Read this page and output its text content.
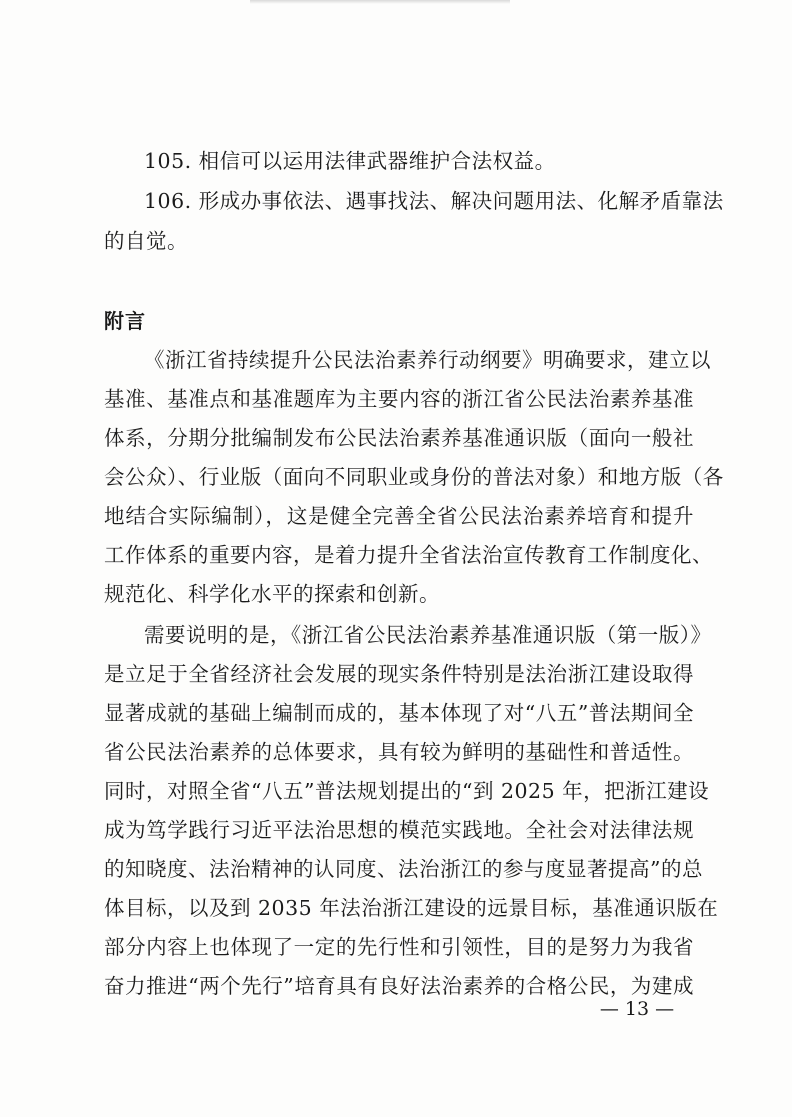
105. 相信可以运用法律武器维护合法权益。
106. 形成办事依法、遇事找法、解决问题用法、化解矛盾靠法
的自觉。
附言
《浙江省持续提升公民法治素养行动纲要》明确要求，建立以
基准、基准点和基准题库为主要内容的浙江省公民法治素养基准
体系，分期分批编制发布公民法治素养基准通识版（面向一般社
会公众）、行业版（面向不同职业或身份的普法对象）和地方版（各
地结合实际编制），这是健全完善全省公民法治素养培育和提升
工作体系的重要内容，是着力提升全省法治宣传教育工作制度化、
规范化、科学化水平的探索和创新。
需要说明的是，《浙江省公民法治素养基准通识版（第一版）》
是立足于全省经济社会发展的现实条件特别是法治浙江建设取得
显著成就的基础上编制而成的，基本体现了对“八五”普法期间全
省公民法治素养的总体要求，具有较为鲜明的基础性和普适性。
同时，对照全省“八五”普法规划提出的“到 2025 年，把浙江建设
成为笃学践行习近平法治思想的模范实践地。全社会对法律法规
的知晓度、法治精神的认同度、法治浙江的参与度显著提高”的总
体目标，以及到 2035 年法治浙江建设的远景目标，基准通识版在
部分内容上也体现了一定的先行性和引领性，目的是努力为我省
奋力推进“两个先行”培育具有良好法治素养的合格公民，为建成
— 13 —
